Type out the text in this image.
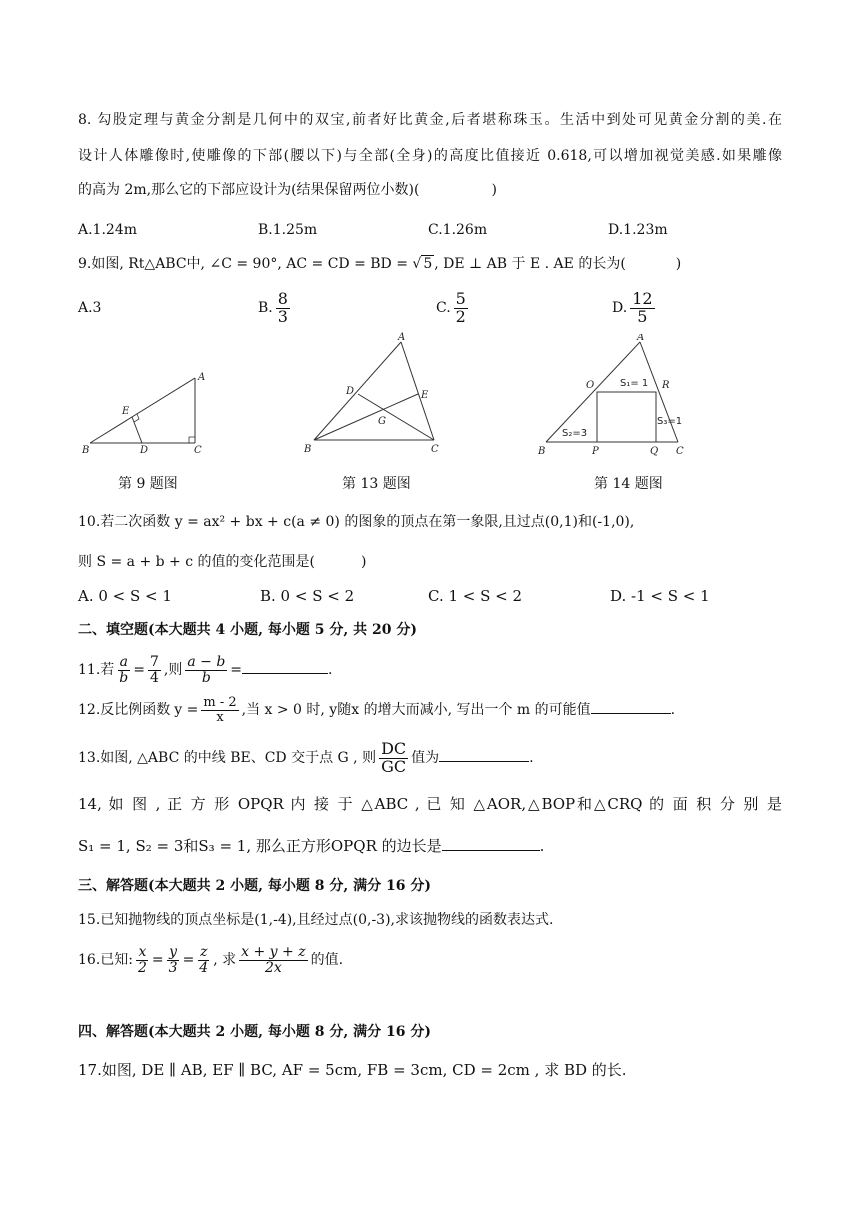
8. 勾股定理与黄金分割是几何中的双宝,前者好比黄金,后者堪称珠玉。生活中到处可见黄金分割的美.在
设计人体雕像时,使雕像的下部(腰以下)与全部(全身)的高度比值接近 0.618,可以增加视觉美感.如果雕像
的高为 2m,那么它的下部应设计为(结果保留两位小数)(	)
A.1.24m	B.1.25m	C.1.26m	D.1.23m
9.如图, Rt△ABC中, ∠C = 90°, AC = CD = BD = √ 5 , DE ⊥ AB 于 E . AE 的长为(	)
A.3	B. $\frac{8}{3}$	C. $\frac{5}{2}$	D. $\frac{12}{5}$
A
E
B	D	C
第 9 题图
A
D	E
G
B	C
第 13 题图
A
O	R
S₁= 1
S₃=1
S₂=3
B	P	Q C
第 14 题图
10.若二次函数 y = ax² + bx + c(a ≠ 0) 的图象的顶点在第一象限,且过点(0,1)和(-1,0),
则 S = a + b + c 的值的变化范围是(	)
A. 0 < S < 1	B. 0 < S < 2	C. 1 < S < 2	D. -1 < S < 1
二、填空题(本大题共 4 小题, 每小题 5 分, 共 20 分)
11.若 $\frac{a}{b} = \frac{7}{4}$ ,则 $\frac{a - b}{b}$ =	.
12.反比例函数 $y = \frac{m - 2}{x}$ ,当 x > 0 时, y随x 的增大而减小, 写出一个 m 的可能值	.
13.如图, △ABC 的中线 BE、CD 交于点 G , 则 $\frac{DC}{GC}$ 值为	.
14, 如 图 , 正 方 形 OPQR 内 接 于 △ABC , 已 知 △AOR,△BOP和△CRQ 的 面 积 分 别 是
S₁ = 1, S₂ = 3和S₃ = 1, 那么正方形OPQR 的边长是	.
三、解答题(本大题共 2 小题, 每小题 8 分, 满分 16 分)
15.已知抛物线的顶点坐标是(1,-4),且经过点(0,-3),求该抛物线的函数表达式.
16.已知: $\frac{x}{2} = \frac{y}{3} = \frac{z}{4}$ , 求 $\frac{x + y + z}{2x}$ 的值.
四、解答题(本大题共 2 小题, 每小题 8 分, 满分 16 分)
17.如图, DE ∥ AB, EF ∥ BC, AF = 5cm, FB = 3cm, CD = 2cm , 求 BD 的长.
